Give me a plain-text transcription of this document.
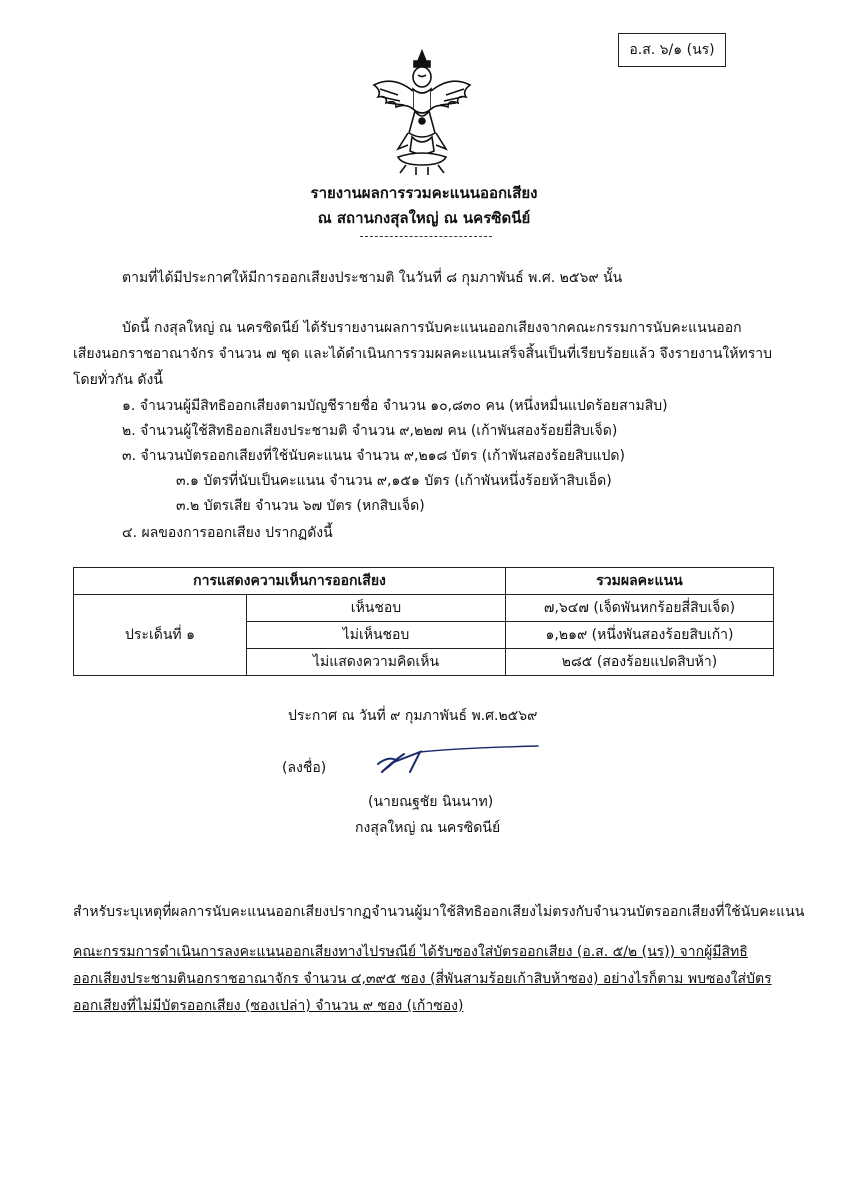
อ.ส. ๖/๑ (นร)
รายงานผลการรวมคะแนนออกเสียง
ณ สถานกงสุลใหญ่ ณ นครซิดนีย์
ตามที่ได้มีประกาศให้มีการออกเสียงประชามติ ในวันที่ ๘ กุมภาพันธ์ พ.ศ. ๒๕๖๙ นั้น
บัดนี้ กงสุลใหญ่ ณ นครซิดนีย์ ได้รับรายงานผลการนับคะแนนออกเสียงจากคณะกรรมการนับคะแนนออก
เสียงนอกราชอาณาจักร จำนวน ๗ ชุด และได้ดำเนินการรวมผลคะแนนเสร็จสิ้นเป็นที่เรียบร้อยแล้ว จึงรายงานให้ทราบ
โดยทั่วกัน ดังนี้
๑. จำนวนผู้มีสิทธิออกเสียงตามบัญชีรายชื่อ จำนวน ๑๐,๘๓๐ คน (หนึ่งหมื่นแปดร้อยสามสิบ)
๒. จำนวนผู้ใช้สิทธิออกเสียงประชามติ จำนวน ๙,๒๒๗ คน (เก้าพันสองร้อยยี่สิบเจ็ด)
๓. จำนวนบัตรออกเสียงที่ใช้นับคะแนน จำนวน ๙,๒๑๘ บัตร (เก้าพันสองร้อยสิบแปด)
๓.๑ บัตรที่นับเป็นคะแนน จำนวน ๙,๑๕๑ บัตร (เก้าพันหนึ่งร้อยห้าสิบเอ็ด)
๓.๒ บัตรเสีย จำนวน ๖๗ บัตร (หกสิบเจ็ด)
๔. ผลของการออกเสียง ปรากฏดังนี้
การแสดงความเห็นการออกเสียง		รวมผลคะแนน
ประเด็นที่ ๑	เห็นชอบ	๗,๖๔๗ (เจ็ดพันหกร้อยสี่สิบเจ็ด)
	ไม่เห็นชอบ	๑,๒๑๙ (หนึ่งพันสองร้อยสิบเก้า)
	ไม่แสดงความคิดเห็น	๒๘๕ (สองร้อยแปดสิบห้า)
ประกาศ ณ วันที่ ๙ กุมภาพันธ์ พ.ศ.๒๕๖๙
(ลงชื่อ)
(นายณฐชัย นินนาท)
กงสุลใหญ่ ณ นครซิดนีย์
สำหรับระบุเหตุที่ผลการนับคะแนนออกเสียงปรากฏจำนวนผู้มาใช้สิทธิออกเสียงไม่ตรงกับจำนวนบัตรออกเสียงที่ใช้นับคะแนน
คณะกรรมการดำเนินการลงคะแนนออกเสียงทางไปรษณีย์ ได้รับซองใส่บัตรออกเสียง (อ.ส. ๕/๒ (นร)) จากผู้มีสิทธิ
ออกเสียงประชามตินอกราชอาณาจักร จำนวน ๔,๓๙๕ ซอง (สี่พันสามร้อยเก้าสิบห้าซอง) อย่างไรก็ตาม พบซองใส่บัตร
ออกเสียงที่ไม่มีบัตรออกเสียง (ซองเปล่า) จำนวน ๙ ซอง (เก้าซอง)
